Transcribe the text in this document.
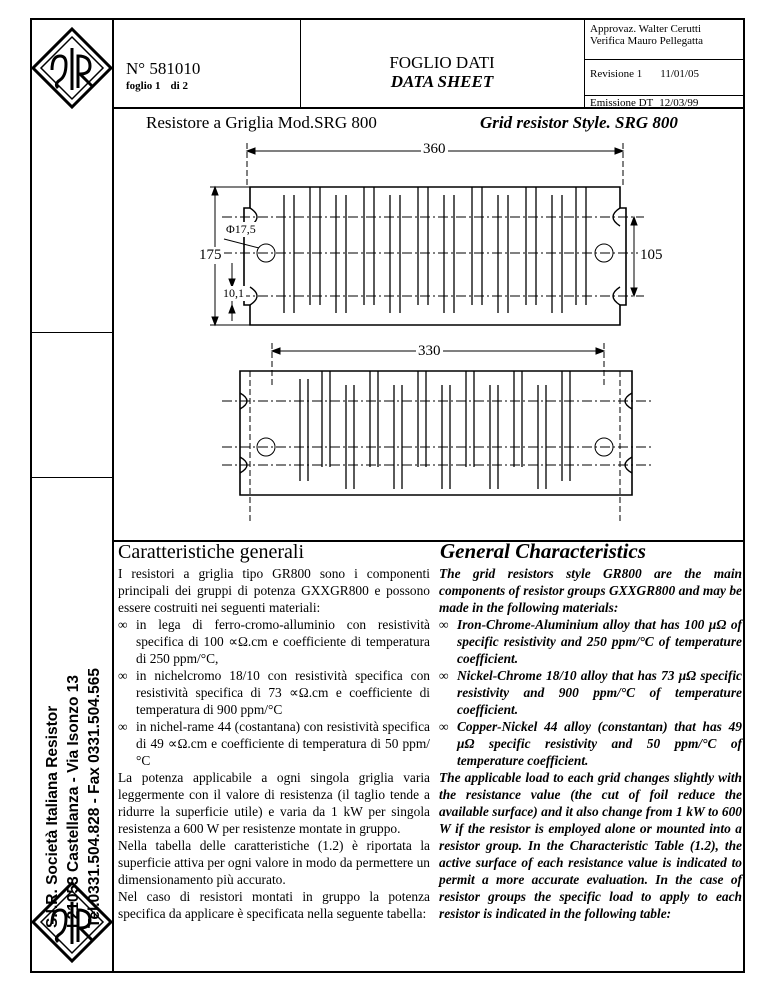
S.I.R. Società Italiana Resistor I 21053 Castellanza - Via Isonzo 13 Tel.0331.504.828 - Fax 0331.504.565
N° 581010
foglio 1 di 2
FOGLIO DATI
DATA SHEET
Approvaz. Walter Cerutti
Verifica Mauro Pellegatta
Revisione 1 11/01/05
Emissione DT 12/03/99
Resistore a Griglia Mod.SRG 800	Grid resistor Style. SRG 800
360
Φ17,5
175	105
10,1
330
Caratteristiche generali	General Characteristics

I resistori a griglia tipo GR800 sono i componenti principali dei gruppi di potenza GXXGR800 e possono essere costruiti nei seguenti materiali:

∞ in lega di ferro-cromo-alluminio con resistività specifica di 100 ∝Ω.cm e coefficiente di temperatura di 250 ppm/°C,
∞ in nichelcromo 18/10 con resistività specifica con resistività specifica di 73 ∝Ω.cm e coefficiente di temperatura di 900 ppm/°C
∞ in nichel-rame 44 (costantana) con resistività specifica di 49 ∝Ω.cm e coefficiente di temperatura di 50 ppm/°C

La potenza applicabile a ogni singola griglia varia leggermente con il valore di resistenza (il taglio tende a ridurre la superficie utile) e varia da 1 kW per singola resistenza a 600 W per resistenze montate in gruppo.

Nella tabella delle caratteristiche (1.2) è riportata la superficie attiva per ogni valore in modo da permettere un dimensionamento più accurato.

Nel caso di resistori montati in gruppo la potenza specifica da applicare è specificata nella seguente tabella:

The grid resistors style GR800 are the main components of resistor groups GXXGR800 and may be made in the following materials:

∞ Iron-Chrome-Aluminium alloy that has 100 μΩ of specific resistivity and 250 ppm/°C of temperature coefficient.
∞ Nickel-Chrome 18/10 alloy that has 73 μΩ specific resistivity and 900 ppm/°C of temperature coefficient.
∞ Copper-Nickel 44 alloy (constantan) that has 49 μΩ specific resistivity and 50 ppm/°C of temperature coefficient.

The applicable load to each grid changes slightly with the resistance value (the cut of foil reduce the available surface) and it also change from 1 kW to 600 W if the resistor is employed alone or mounted into a resistor group. In the Characteristic Table (1.2), the active surface of each resistance value is indicated to permit a more accurate evaluation. In the case of resistor groups the specific load to apply to each resistor is indicated in the following table:
